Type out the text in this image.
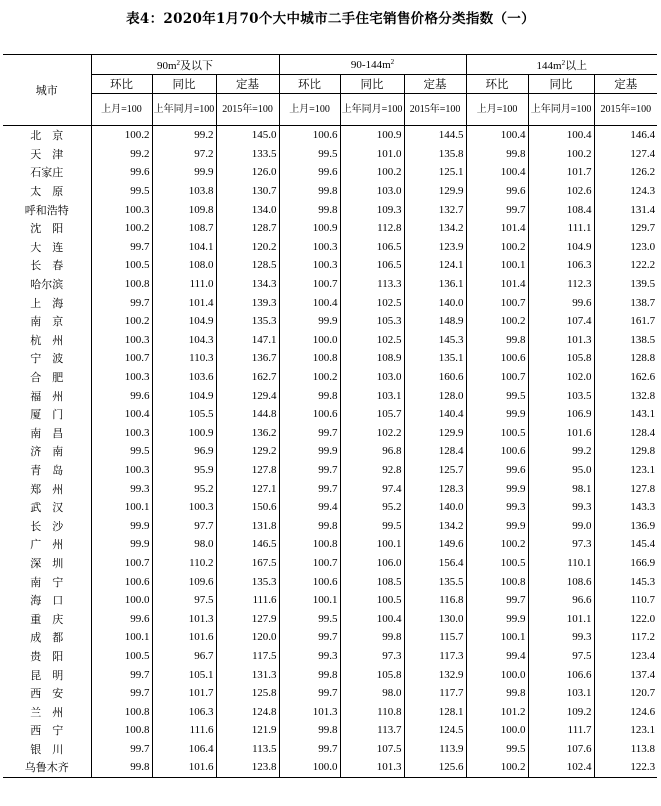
表4：2020年1月70个大中城市二手住宅销售价格分类指数（一）
城市	$90m^2$及以下			$90-144m^2$			$144m^2$以上		
	环比	同比	定基	环比	同比	定基	环比	同比	定基
	上月=100	上年同月=100	2015年=100	上月=100	上年同月=100	2015年=100	上月=100	上年同月=100	2015年=100
北　京	100.2	99.2	145.0	100.6	100.9	144.5	100.4	100.4	146.4
天　津	99.2	97.2	133.5	99.5	101.0	135.8	99.8	100.2	127.4
石家庄	99.6	99.9	126.0	99.6	100.2	125.1	100.4	101.7	126.2
太　原	99.5	103.8	130.7	99.8	103.0	129.9	99.6	102.6	124.3
呼和浩特	100.3	109.8	134.0	99.8	109.3	132.7	99.7	108.4	131.4
沈　阳	100.2	108.7	128.7	100.9	112.8	134.2	101.4	111.1	129.7
大　连	99.7	104.1	120.2	100.3	106.5	123.9	100.2	104.9	123.0
长　春	100.5	108.0	128.5	100.3	106.5	124.1	100.1	106.3	122.2
哈尔滨	100.8	111.0	134.3	100.7	113.3	136.1	101.4	112.3	139.5
上　海	99.7	101.4	139.3	100.4	102.5	140.0	100.7	99.6	138.7
南　京	100.2	104.9	135.3	99.9	105.3	148.9	100.2	107.4	161.7
杭　州	100.3	104.3	147.1	100.0	102.5	145.3	99.8	101.3	138.5
宁　波	100.7	110.3	136.7	100.8	108.9	135.1	100.6	105.8	128.8
合　肥	100.3	103.6	162.7	100.2	103.0	160.6	100.7	102.0	162.6
福　州	99.6	104.9	129.4	99.8	103.1	128.0	99.5	103.5	132.8
厦　门	100.4	105.5	144.8	100.6	105.7	140.4	99.9	106.9	143.1
南　昌	100.3	100.9	136.2	99.7	102.2	129.9	100.5	101.6	128.4
济　南	99.5	96.9	129.2	99.9	96.8	128.4	100.6	99.2	129.8
青　岛	100.3	95.9	127.8	99.7	92.8	125.7	99.6	95.0	123.1
郑　州	99.3	95.2	127.1	99.7	97.4	128.3	99.9	98.1	127.8
武　汉	100.1	100.3	150.6	99.4	95.2	140.0	99.3	99.3	143.3
长　沙	99.9	97.7	131.8	99.8	99.5	134.2	99.9	99.0	136.9
广　州	99.9	98.0	146.5	100.8	100.1	149.6	100.2	97.3	145.4
深　圳	100.7	110.2	167.5	100.7	106.0	156.4	100.5	110.1	166.9
南　宁	100.6	109.6	135.3	100.6	108.5	135.5	100.8	108.6	145.3
海　口	100.0	97.5	111.6	100.1	100.5	116.8	99.7	96.6	110.7
重　庆	99.6	101.3	127.9	99.5	100.4	130.0	99.9	101.1	122.0
成　都	100.1	101.6	120.0	99.7	99.8	115.7	100.1	99.3	117.2
贵　阳	100.5	96.7	117.5	99.3	97.3	117.3	99.4	97.5	123.4
昆　明	99.7	105.1	131.3	99.8	105.8	132.9	100.0	106.6	137.4
西　安	99.7	101.7	125.8	99.7	98.0	117.7	99.8	103.1	120.7
兰　州	100.8	106.3	124.8	101.3	110.8	128.1	101.2	109.2	124.6
西　宁	100.8	111.6	121.9	99.8	113.7	124.5	100.0	111.7	123.1
银　川	99.7	106.4	113.5	99.7	107.5	113.9	99.5	107.6	113.8
乌鲁木齐	99.8	101.6	123.8	100.0	101.3	125.6	100.2	102.4	122.3
